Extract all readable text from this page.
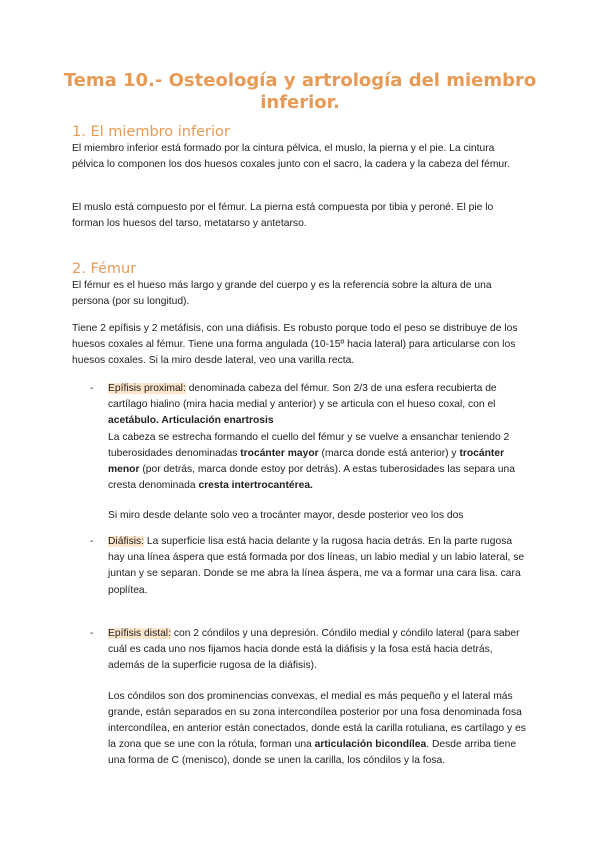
Tema 10.- Osteología y artrología del miembro inferior.
1. El miembro inferior

El miembro inferior está formado por la cintura pélvica, el muslo, la pierna y el pie. La cintura pélvica lo componen los dos huesos coxales junto con el sacro, la cadera y la cabeza del fémur.

El muslo está compuesto por el fémur. La pierna está compuesta por tibia y peroné. El pie lo forman los huesos del tarso, metatarso y antetarso.

2. Fémur

El fémur es el hueso más largo y grande del cuerpo y es la referencia sobre la altura de una persona (por su longitud).

Tiene 2 epífisis y 2 metáfisis, con una diáfisis. Es robusto porque todo el peso se distribuye de los huesos coxales al fémur. Tiene una forma angulada (10-15º hacia lateral) para articularse con los huesos coxales. Si la miro desde lateral, veo una varilla recta.

- Epífisis proximal: denominada cabeza del fémur. Son 2/3 de una esfera recubierta de cartílago hialino (mira hacia medial y anterior) y se articula con el hueso coxal, con el acetábulo. Articulación enartrosis

La cabeza se estrecha formando el cuello del fémur y se vuelve a ensanchar teniendo 2 tuberosidades denominadas trocánter mayor (marca donde está anterior) y trocánter menor (por detrás, marca donde estoy por detrás). A estas tuberosidades las separa una cresta denominada cresta intertrocantérea.

Si miro desde delante solo veo a trocánter mayor, desde posterior veo los dos

- Diáfisis: La superficie lisa está hacia delante y la rugosa hacia detrás. En la parte rugosa hay una línea áspera que está formada por dos líneas, un labio medial y un labio lateral, se juntan y se separan. Donde se me abra la línea áspera, me va a formar una cara lisa. cara poplítea.

- Epífisis distal: con 2 cóndilos y una depresión. Cóndilo medial y cóndilo lateral (para saber cuál es cada uno nos fijamos hacia donde está la diáfisis y la fosa está hacia detrás, además de la superficie rugosa de la diáfisis).

Los cóndilos son dos prominencias convexas, el medial es más pequeño y el lateral más grande, están separados en su zona intercondílea posterior por una fosa denominada fosa intercondílea, en anterior están conectados, donde está la carilla rotuliana, es cartílago y es la zona que se une con la rótula, forman una articulación bicondílea. Desde arriba tiene una forma de C (menisco), donde se unen la carilla, los cóndilos y la fosa.
